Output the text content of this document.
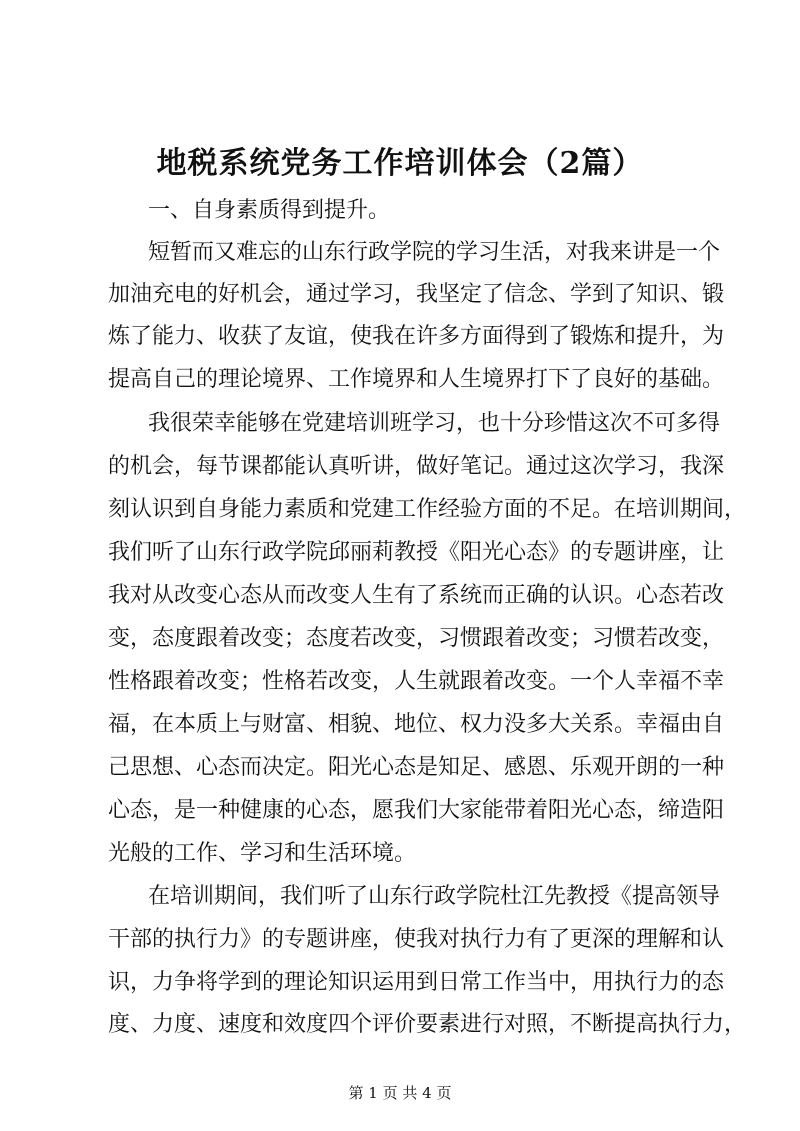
地税系统党务工作培训体会（2篇）
一、自身素质得到提升。
短暂而又难忘的山东行政学院的学习生活，对我来讲是一个
加油充电的好机会，通过学习，我坚定了信念、学到了知识、锻
炼了能力、收获了友谊，使我在许多方面得到了锻炼和提升，为
提高自己的理论境界、工作境界和人生境界打下了良好的基础。
我很荣幸能够在党建培训班学习，也十分珍惜这次不可多得
的机会，每节课都能认真听讲，做好笔记。通过这次学习，我深
刻认识到自身能力素质和党建工作经验方面的不足。在培训期间，
我们听了山东行政学院邱丽莉教授《阳光心态》的专题讲座，让
我对从改变心态从而改变人生有了系统而正确的认识。心态若改
变，态度跟着改变；态度若改变，习惯跟着改变；习惯若改变，
性格跟着改变；性格若改变，人生就跟着改变。一个人幸福不幸
福，在本质上与财富、相貌、地位、权力没多大关系。幸福由自
己思想、心态而决定。阳光心态是知足、感恩、乐观开朗的一种
心态，是一种健康的心态，愿我们大家能带着阳光心态，缔造阳
光般的工作、学习和生活环境。
在培训期间，我们听了山东行政学院杜江先教授《提高领导
干部的执行力》的专题讲座，使我对执行力有了更深的理解和认
识，力争将学到的理论知识运用到日常工作当中，用执行力的态
度、力度、速度和效度四个评价要素进行对照，不断提高执行力，
第 1 页 共 4 页
